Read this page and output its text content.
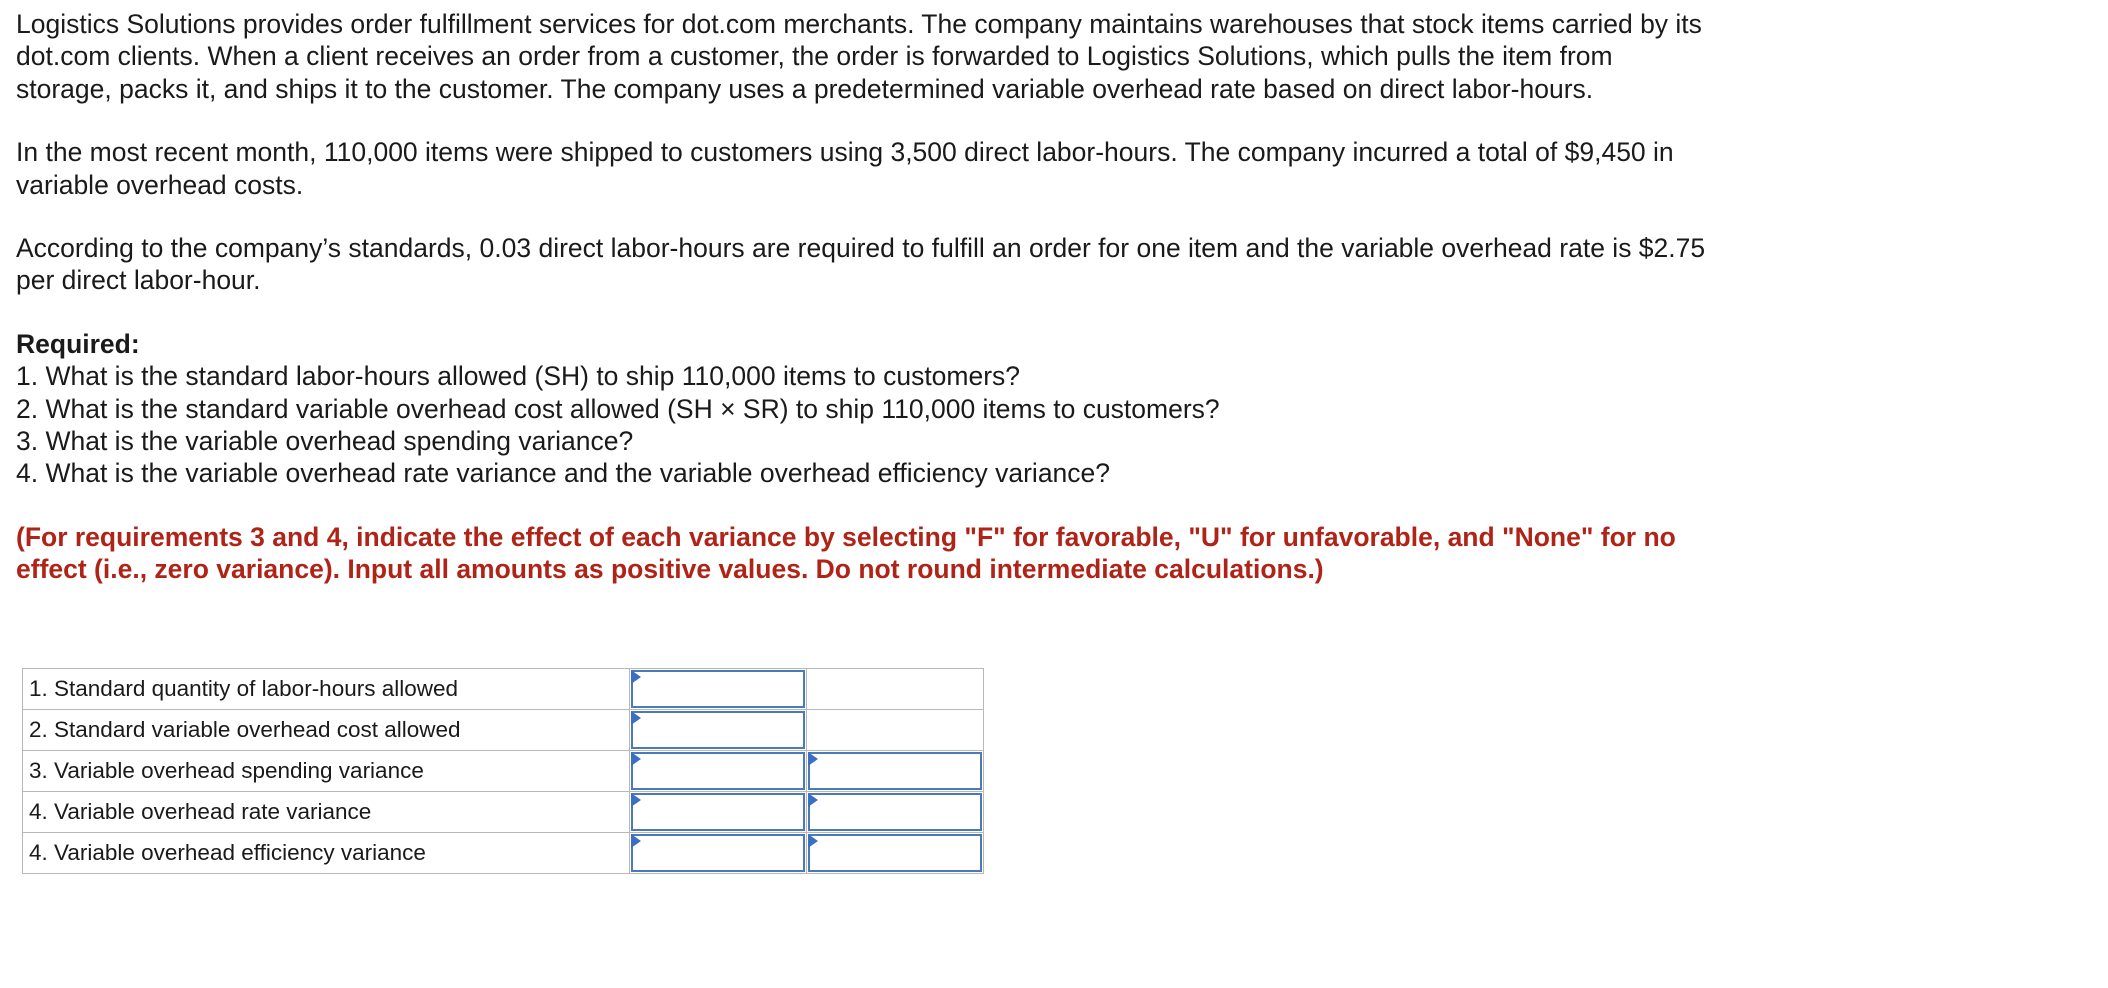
Logistics Solutions provides order fulfillment services for dot.com merchants. The company maintains warehouses that stock items carried by its dot.com clients. When a client receives an order from a customer, the order is forwarded to Logistics Solutions, which pulls the item from storage, packs it, and ships it to the customer. The company uses a predetermined variable overhead rate based on direct labor-hours.

In the most recent month, 110,000 items were shipped to customers using 3,500 direct labor-hours. The company incurred a total of $9,450 in variable overhead costs.

According to the company’s standards, 0.03 direct labor-hours are required to fulfill an order for one item and the variable overhead rate is $2.75 per direct labor-hour.

Required:
1. What is the standard labor-hours allowed (SH) to ship 110,000 items to customers?
2. What is the standard variable overhead cost allowed (SH × SR) to ship 110,000 items to customers?
3. What is the variable overhead spending variance?
4. What is the variable overhead rate variance and the variable overhead efficiency variance?

(For requirements 3 and 4, indicate the effect of each variance by selecting "F" for favorable, "U" for unfavorable, and "None" for no effect (i.e., zero variance). Input all amounts as positive values. Do not round intermediate calculations.)

1. Standard quantity of labor-hours allowed	

2. Standard variable overhead cost allowed	

3. Variable overhead spending variance	

4. Variable overhead rate variance	

4. Variable overhead efficiency variance	
